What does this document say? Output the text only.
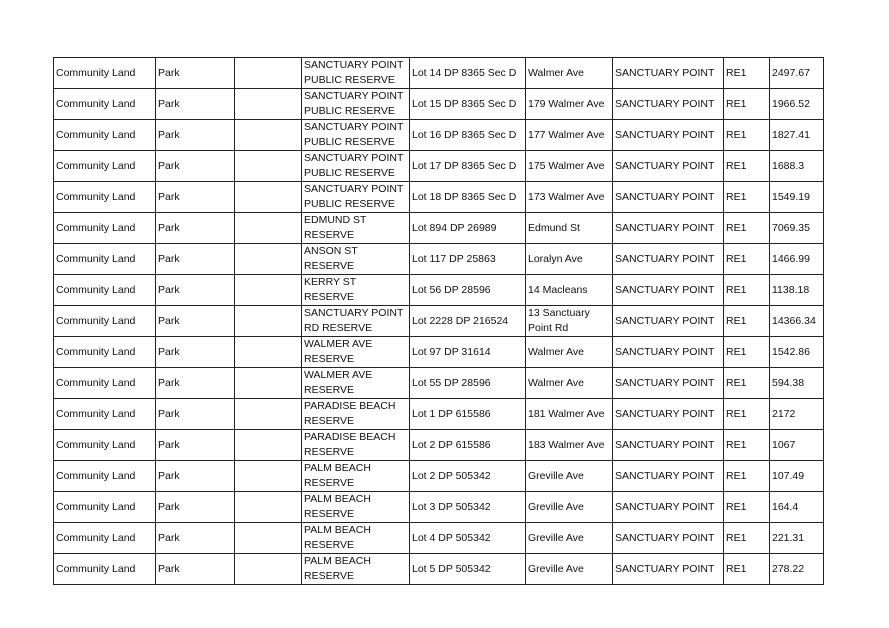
Community Land	Park		SANCTUARY POINT PUBLIC RESERVE	Lot 14 DP 8365 Sec D	Walmer Ave	SANCTUARY POINT	RE1	2497.67
Community Land	Park		SANCTUARY POINT PUBLIC RESERVE	Lot 15 DP 8365 Sec D	179 Walmer Ave	SANCTUARY POINT	RE1	1966.52
Community Land	Park		SANCTUARY POINT PUBLIC RESERVE	Lot 16 DP 8365 Sec D	177 Walmer Ave	SANCTUARY POINT	RE1	1827.41
Community Land	Park		SANCTUARY POINT PUBLIC RESERVE	Lot 17 DP 8365 Sec D	175 Walmer Ave	SANCTUARY POINT	RE1	1688.3
Community Land	Park		SANCTUARY POINT PUBLIC RESERVE	Lot 18 DP 8365 Sec D	173 Walmer Ave	SANCTUARY POINT	RE1	1549.19
Community Land	Park		EDMUND ST RESERVE	Lot 894 DP 26989	Edmund St	SANCTUARY POINT	RE1	7069.35
Community Land	Park		ANSON ST RESERVE	Lot 117 DP 25863	Loralyn Ave	SANCTUARY POINT	RE1	1466.99
Community Land	Park		KERRY ST RESERVE	Lot 56 DP 28596	14 Macleans	SANCTUARY POINT	RE1	1138.18
Community Land	Park		SANCTUARY POINT RD RESERVE	Lot 2228 DP 216524	13 Sanctuary Point Rd	SANCTUARY POINT	RE1	14366.34
Community Land	Park		WALMER AVE RESERVE	Lot 97 DP 31614	Walmer Ave	SANCTUARY POINT	RE1	1542.86
Community Land	Park		WALMER AVE RESERVE	Lot 55 DP 28596	Walmer Ave	SANCTUARY POINT	RE1	594.38
Community Land	Park		PARADISE BEACH RESERVE	Lot 1 DP 615586	181 Walmer Ave	SANCTUARY POINT	RE1	2172
Community Land	Park		PARADISE BEACH RESERVE	Lot 2 DP 615586	183 Walmer Ave	SANCTUARY POINT	RE1	1067
Community Land	Park		PALM BEACH RESERVE	Lot 2 DP 505342	Greville Ave	SANCTUARY POINT	RE1	107.49
Community Land	Park		PALM BEACH RESERVE	Lot 3 DP 505342	Greville Ave	SANCTUARY POINT	RE1	164.4
Community Land	Park		PALM BEACH RESERVE	Lot 4 DP 505342	Greville Ave	SANCTUARY POINT	RE1	221.31
Community Land	Park		PALM BEACH RESERVE	Lot 5 DP 505342	Greville Ave	SANCTUARY POINT	RE1	278.22
